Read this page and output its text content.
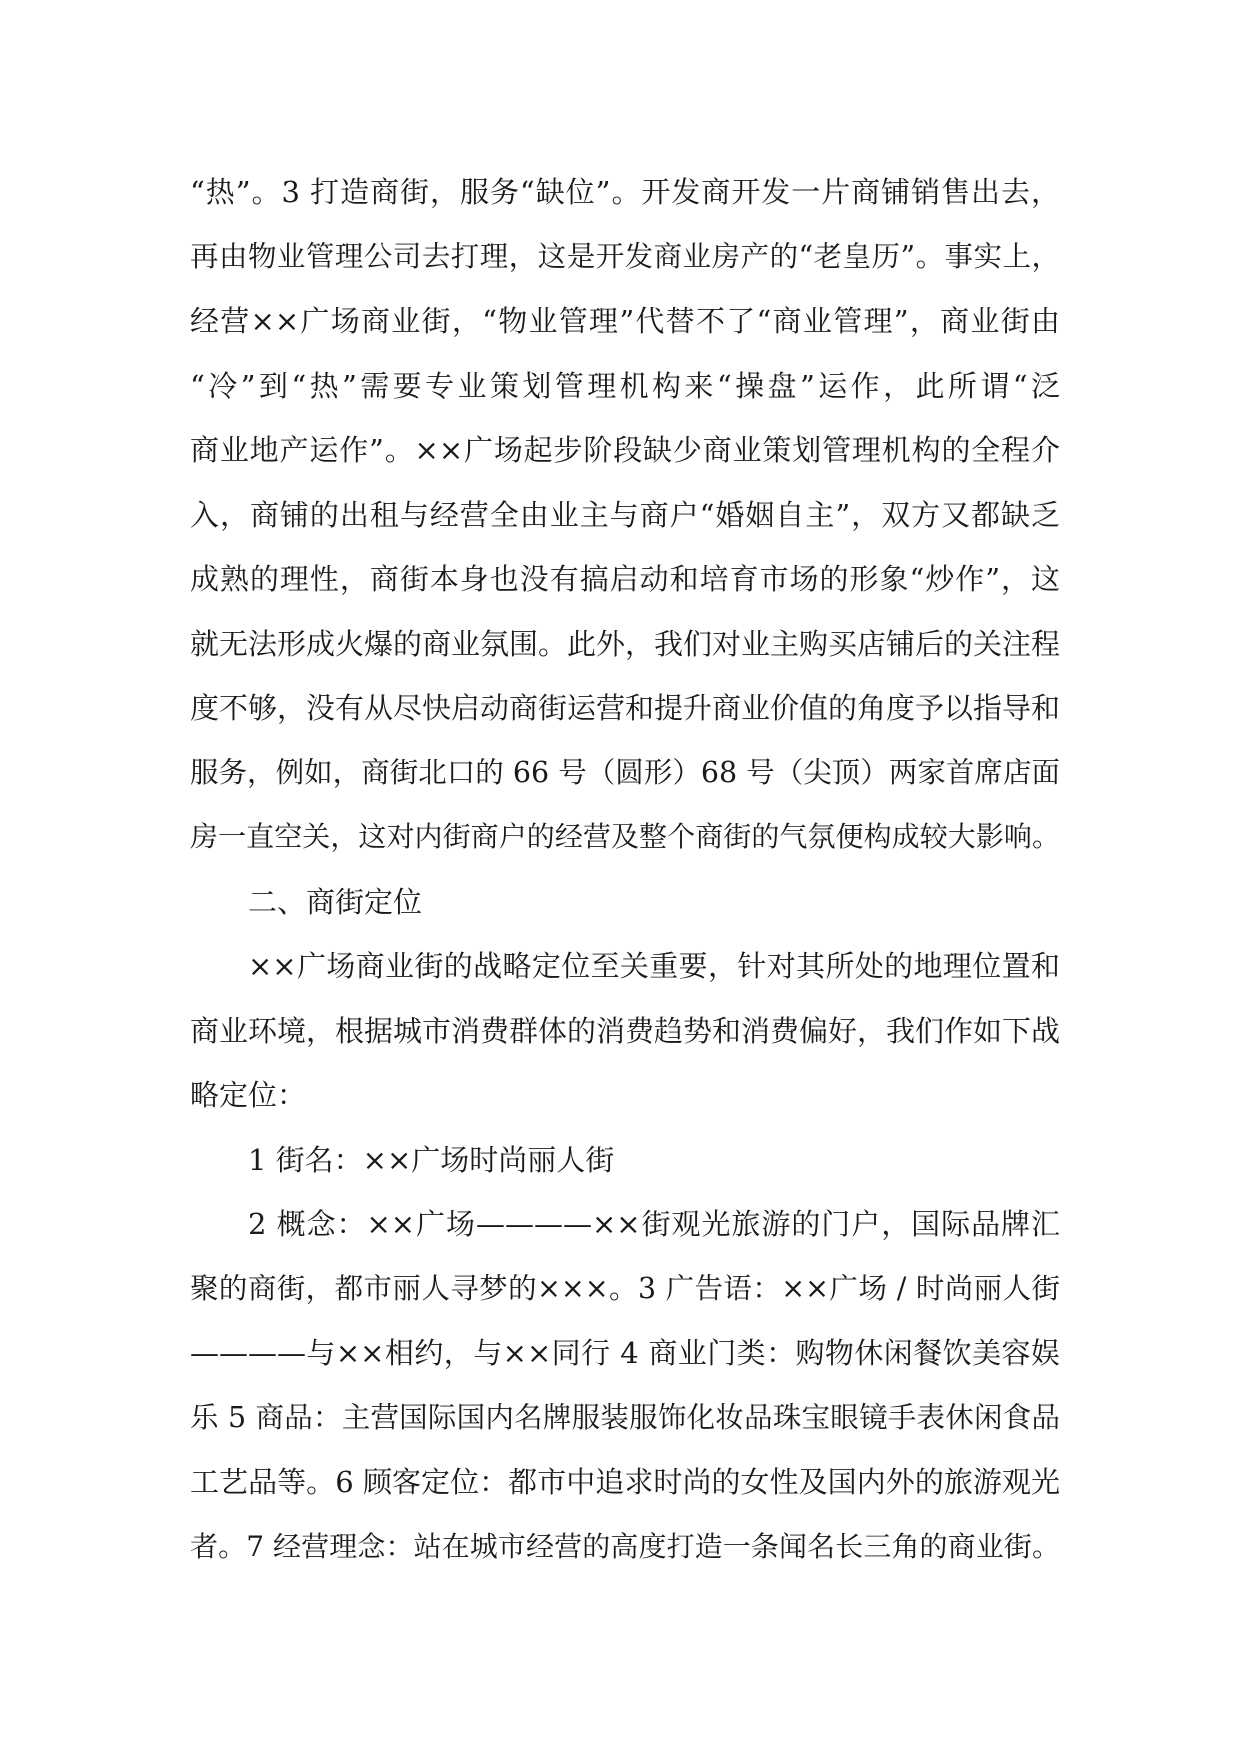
“热”。3 打造商街，服务“缺位”。开发商开发一片商铺销售出去，
再由物业管理公司去打理，这是开发商业房产的“老皇历”。事实上，
经营××广场商业街，“物业管理”代替不了“商业管理”，商业街由
“冷”到“热”需要专业策划管理机构来“操盘”运作，此所谓“泛
商业地产运作”。××广场起步阶段缺少商业策划管理机构的全程介
入，商铺的出租与经营全由业主与商户“婚姻自主”，双方又都缺乏
成熟的理性，商街本身也没有搞启动和培育市场的形象“炒作”，这
就无法形成火爆的商业氛围。此外，我们对业主购买店铺后的关注程
度不够，没有从尽快启动商街运营和提升商业价值的角度予以指导和
服务，例如，商街北口的 66 号（圆形）68 号（尖顶）两家首席店面
房一直空关，这对内街商户的经营及整个商街的气氛便构成较大影响。
二、商街定位
××广场商业街的战略定位至关重要，针对其所处的地理位置和
商业环境，根据城市消费群体的消费趋势和消费偏好，我们作如下战
略定位：
1 街名：××广场时尚丽人街
2 概念：××广场————××街观光旅游的门户，国际品牌汇
聚的商街，都市丽人寻梦的×××。3 广告语：××广场 / 时尚丽人街
————与××相约，与××同行 4 商业门类：购物休闲餐饮美容娱
乐 5 商品：主营国际国内名牌服装服饰化妆品珠宝眼镜手表休闲食品
工艺品等。6 顾客定位：都市中追求时尚的女性及国内外的旅游观光
者。7 经营理念：站在城市经营的高度打造一条闻名长三角的商业街。
